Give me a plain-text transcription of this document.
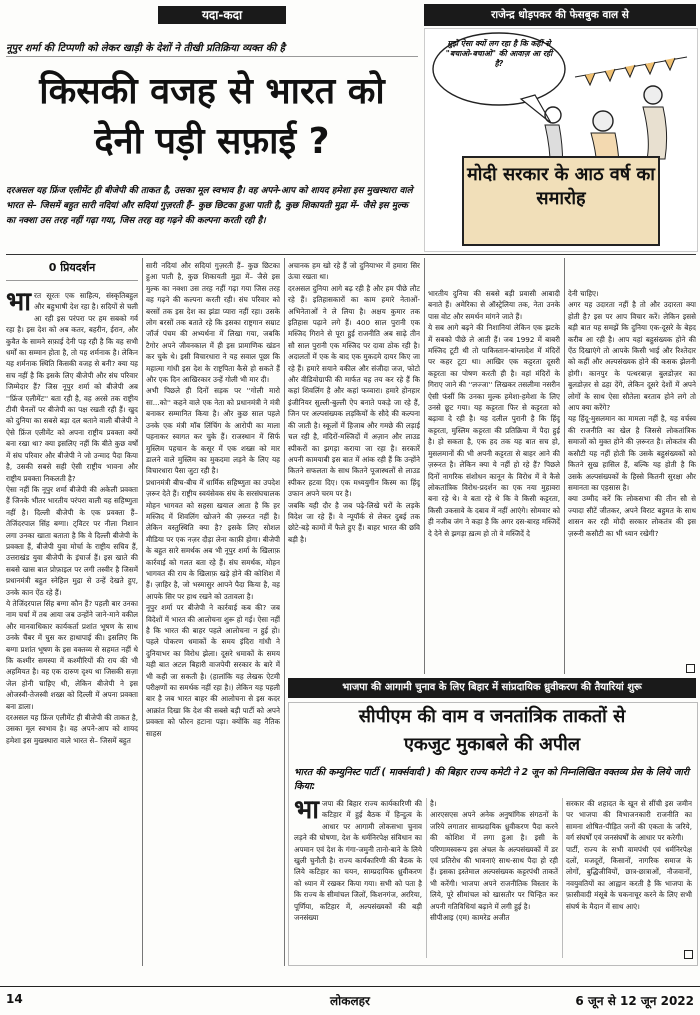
यदा-कदा
नूपुर शर्मा की टिप्पणी को लेकर खाड़ी के देशों ने तीखी प्रतिक्रिया व्यक्त की है
किसकी वजह से भारत को
देनी पड़ी सफ़ाई ?
दरअसल यह फ्रिंज एलीमेंट ही बीजेपी की ताकत है, उसका मूल स्वभाव है। वह अपने-आप को शायद हमेशा इस मुखस्थारा वाले भारत से– जिसमें बहुत सारी नदियां और सदियां गुज़रती हैं– कुछ छिटका हुआ पाती है, कुछ शिकायती मुद्रा में– जैसे इस मुल्क का नक्शा उस तरह नहीं गढ़ा गया, जिस तरह वह गढ़ने की कल्पना करती रही है।
राजेन्द्र धोड़पकर की फेसबुक वाल से
मुझे ऐसा क्यों लग रहा है कि कहीं से "बचाओ-बचाओ" की आवाज़ आ रही है?
मोदी सरकार के आठ वर्ष का समारोह
0 प्रियदर्शन
भा रत सूरतः एक साहित्य, संस्कृतिबहुल और बहुभाषी देश रहा है। सदियों से चली आ रही इस परंपरा पर हम सबको गर्व रहा है। इस देश को अब कतर, बहरीन, ईरान, और कुवैत के सामने सफ़ाई देनी पड़ रही है कि वह सभी धर्मों का सम्मान होता है, तो यह शर्मनाक है। लेकिन यह शर्मनाक स्थिति किसकी वजह से बनी? क्या यह सच नहीं है कि इसके लिए बीजेपी और संघ परिवार जिम्मेदार हैं? जिस नूपुर शर्मा को बीजेपी अब ''फ्रिंज एलीमेंट'' बता रही है, वह अरसे तक राष्ट्रीय टीवी चैनलों पर बीजेपी का पक्ष रखती रही हैं। खुद को दुनिया का सबसे बड़ा दल बताने वाली बीजेपी ने ऐसे फ्रिंज एलीमेंट को अपना राष्ट्रीय प्रवक्ता क्यों बना रखा था? क्या इसलिए नहीं कि बीते कुछ वर्षों में संघ परिवार और बीजेपी ने जो उन्माद पैदा किया है, उसकी सबसे सही ऐसी राष्ट्रीय भावना और राष्ट्रीय प्रवक्ता निकलती है?
ऐसा नहीं कि नूपुर शर्मा बीजेपी की अकेली प्रवक्ता हैं जिनके भीतर भारतीय परंपरा वाली यह सहिष्णुता नहीं है। दिल्ली बीजेपी के एक प्रवक्ता हैं– तेजिंदरपाल सिंह बग्गा। ट्विटर पर नीला निशान लगा उनका खाता बताता है कि वे दिल्ली बीजेपी के प्रवक्ता हैं, बीजेपी युवा मोर्चा के राष्ट्रीय सचिव हैं, उत्तराखंड युवा बीजेपी के इंचार्ज हैं। इस खाते की सबसे खास बात प्रोफ़ाइल पर लगी तस्वीर है जिसमें प्रधानमंत्री बहुत स्नेहिल मुद्रा से उन्हें देखते हुए, उनके कान ऐंठ रहे हैं।
ये तेजिंदरपाल सिंह बग्गा कौन हैं? पहली बार उनका नाम चर्चा में तब आया जब उन्होंने जाने-माने वकील और मानवाधिकार कार्यकर्ता प्रशांत भूषण के साथ उनके चैंबर में घुस कर हाथापाई की। इसलिए कि बग्गा प्रशांत भूषण के इस वक्तव्य से सहमत नहीं थे कि कश्मीर समस्या में कश्मीरियों की राय की भी अहमियत है। वह एक दारुण दृश्य था जिसकी सज़ा जेल होनी चाहिए थी, लेकिन बीजेपी ने इस ओजस्वी-तेजस्वी शख्स को दिल्ली में अपना प्रवक्ता बना डाला।
दरअसल यह फ्रिंज एलीमेंट ही बीजेपी की ताकत है, उसका मूल स्वभाव है। वह अपने-आप को शायद हमेशा इस मुखस्थारा वाले भारत से– जिसमें बहुत
सारी नदियां और सदियां गुज़रती हैं– कुछ छिटका हुआ पाती है, कुछ शिकायती मुद्रा में– जैसे इस मुल्क का नक्शा उस तरह नहीं गढ़ा गया जिस तरह वह गढ़ने की कल्पना करती रही। संघ परिवार को बरसों तक इस देश का झंडा प्यारा नहीं रहा। उसके लोग बरसों तक बताते रहे कि इसका राष्ट्रगान सम्राट जॉर्ज पंचम की अभ्यर्थना में लिखा गया, जबकि टैगोर अपने जीवनकाल में ही इस प्रामाणिक खंडन कर चुके थे। इसी विचारधारा ने यह सवाल पूछा कि महात्मा गांधी इस देश के राष्ट्रपिता कैसे हो सकते हैं और एक दिन आखिरकार उन्हें गोली भी मार दी।
अभी पिछले ही दिनों सड़क पर ''गोली मारो सा...को'' कहने वाले एक नेता को प्रधानमंत्री ने मंत्री बनाकर सम्मानित किया है। और कुछ साल पहले उनके एक मंत्री मॉब लिंचिंग के आरोपी का माला पहनाकर स्वागत कर चुके हैं। राजस्थान में सिर्फ मुस्लिम पहचान के कसूर में एक शख्स को मार डालने वाले मुस्लिम का मुकदमा लड़ने के लिए यह विचारधारा पैसा जुटा रही है।
प्रधानमंत्री बीच-बीच में धार्मिक सहिष्णुता का उपदेश ज़रूर देते हैं। राष्ट्रीय स्वयंसेवक संघ के सरसंघचालक मोहन भागवत को सहसा खयाल आता है कि हर मस्जिद में शिवलिंग खोजने की ज़रूरत नहीं है। लेकिन वस्तुस्थिति क्या है? इसके लिए सोशल मीडिया पर एक नज़र दौड़ा लेना काफ़ी होगा। बीजेपी के बहुत सारे समर्थक अब भी नूपुर शर्मा के खिलाफ़ कार्रवाई को गलत बता रहे हैं। संघ समर्थक, मोहन भागवत की राय के खिलाफ़ खड़े होने की कोशिश में हैं। ज़ाहिर है, जो भस्मासुर आपने पैदा किया है, वह आपके सिर पर हाथ रखने को उतावला है।
नूपुर शर्मा पर बीजेपी ने कार्रवाई कब की? जब विदेशों में भारत की आलोचना शुरू हो गई। ऐसा नहीं है कि भारत की बाहर पहले आलोचना न हुई हो। पहले पोकरण धमाकों के समय इंदिरा गांधी ने दुनियाभर का विरोध झेला। दूसरे धमाकों के समय यही बात अटल बिहारी वाजपेयी सरकार के बारे में भी कही जा सकती है। (हालांकि यह लेखक ऐटमी परीक्षणों का समर्थक नहीं रहा है।) लेकिन यह पहली बार है जब भारत बाहर की आलोचना से इस कदर आक्रांत दिखा कि देश की सबसे बड़ी पार्टी को अपने प्रवक्ता को फौरन हटाना पड़ा। क्योंकि वह नैतिक साहस
अचानक हम खो रहे हैं जो दुनियाभर में हमारा सिर ऊंचा रखता था।
दरअसल दुनिया आगे बढ़ रही है और हम पीछे लौट रहे हैं। इतिहासकारों का काम हमारे नेताओं-अभिनेताओं ने ले लिया है। अक्षय कुमार तक इतिहास पढ़ाने लगे हैं। 400 साल पुरानी एक मस्जिद गिराने से पूरा हुई राजनीति अब साढ़े तीन सौ साल पुरानी एक मस्जिद पर दावा ठोक रही है। अदालतों में एक के बाद एक मुकदमे दायर किए जा रहे हैं। हमारे सयाने वकील और संजीदा जज, फोटो और वीडियोग्राफी की मार्फत यह तय कर रहे हैं कि कहां शिवलिंग है और कहां फव्वारा। हमारे होनहार इंजीनियर सुल्ली-बुल्ली ऐप बनाते पकड़े जा रहे हैं, जिन पर अल्पसंख्यक लड़कियों के सौदे की कल्पना की जाती है। स्कूलों में हिजाब और गमछे की लड़ाई चल रही है, मंदिरों-मस्जिदों में अज़ान और लाउड स्पीकरों का झगड़ा कराया जा रहा है। सरकारें अपनी कामयाबी इस बात में आंक रही हैं कि उन्होंने कितने सफलता के साथ कितने पूजास्थलों से लाउड स्पीकर हटवा दिए। एक मध्ययुगीन किस्म का हिंदू उफान अपने चरम पर है।
जबकि यही दौर है जब पढ़े-लिखे घरों के लड़के विदेश जा रहे हैं। वे न्यूयॉर्क से लेकर दुबई तक छोटे-बड़े कामों में फैले हुए हैं। बाहर भारत की छवि बड़ी है।
भारतीय दुनिया की सबसे बड़ी प्रवासी आबादी बनाते हैं। अमेरिका से ऑस्ट्रेलिया तक, नेता उनके पास वोट और समर्थन मांगने जाते हैं।
ये सब आगे बढ़ने की निशानियां लेकिन एक झटके में सबको पीछे ले आती हैं। जब 1992 में बाबरी मस्जिद टूटी थी तो पाकिस्तान-बांग्लादेश में मंदिरों पर कहर टूटा था। आखिर एक कट्टरता दूसरी कट्टरता का पोषण करती ही है। वहां मंदिरों के गिराए जाने की ''लज्जा'' लिखकर तसलीमा नसरीन ऐसी फंसीं कि उनका मुल्क हमेशा-हमेशा के लिए उनसे छूट गया। यह कट्टरता फिर से कट्टरता को बढ़ावा दे रही है। यह दलील पुरानी है कि हिंदू कट्टरता, मुस्लिम कट्टरता की प्रतिक्रिया में पैदा हुई है। हो सकता है, एक हद तक यह बात सच हो, मुसलमानों की भी अपनी कट्टरता से बाहर आने की ज़रूरत है। लेकिन क्या ये नहीं हो रहे हैं? पिछले दिनों नागरिक संशोधन कानून के विरोध में वे कैसे लोकतांत्रिक विरोध-प्रदर्शन का एक नया मुहावरा बना रहे थे। वे बता रहे थे कि वे किसी कट्टरता, किसी उकसावे के दबाव में नहीं आएंगे। सोमवार को ही नजीब जंग ने कहा है कि अगर दस-बारह मस्जिदें दे देने से झगड़ा ख़त्म हो तो वे मस्जिदें दे
देनी चाहिए।
अगर यह उदारता नहीं है तो और उदारता क्या होती है? इस पर आप विचार करें। लेकिन इससे बड़ी बात यह समझें कि दुनिया एक-दूसरे के बेहद करीब आ रही है। आप यहां बहुसंख्यक होने की ऐंठ दिखाएंगे तो आपके किसी भाई और रिश्तेदार को कहीं और अल्पसंख्यक होने की कसक झेलनी होगी। कानपुर के पत्थरबाज़ बुलडोज़र का बुलडोज़र से ढहा देंगे, लेकिन दूसरे देशों में अपने लोगों के साथ ऐसा सौतेला बरताव होने लगे तो आप क्या करेंगे?
यह हिंदू-मुसलमान का मामला नहीं है, यह वर्चस्व की राजनीति का खेल है जिससे लोकतांत्रिक समाजों को मुक्त होने की ज़रूरत है। लोकतंत्र की कसौटी यह नहीं होती कि उसके बहुसंख्यकों को कितने सुख हासिल हैं, बल्कि यह होती है कि उसके अल्पसंख्यकों के हिस्से कितनी सुरक्षा और समानता का एहसास है।
क्या उम्मीद करें कि लोकसभा की तीन सौ से ज्यादा सीटें जीतकर, अपने विराट बहुमत के साथ शासन कर रही मोदी सरकार लोकतंत्र की इस ज़रूरी कसौटी का भी ध्यान रखेगी?
भाजपा की आगामी चुनाव के लिए बिहार में सांप्रदायिक ध्रुवीकरण की तैयारियां शुरू
सीपीएम की वाम व जनतांत्रिक ताकतों से
एकजुट मुकाबले की अपील
भारत की कम्युनिस्ट पार्टी ( मार्क्सवादी ) की बिहार राज्य कमेटी ने 2 जून को निम्नलिखित वक्तव्य प्रेस के लिये जारी किया:
भा जपा की बिहार राज्य कार्यकारिणी की कटिहार में हुई बैठक में हिन्दुत्व के आधार पर आगामी लोकसभा चुनाव लड़ने की घोषणा, देश के धर्मनिरपेक्ष संविधान का अपमान एवं देश के गंगा-जमुनी तानो-बाने के लिये खुली चुनौती है। राज्य कार्यकारिणी की बैठक के लिये कटिहार का चयन, साम्प्रदायिक ध्रुवीकरण को ध्यान में रखकर किया गया। सभी को पता है कि राज्य के सीमांचल जिलों, किशनगंज, अररिया, पूर्णिया, कटिहार में, अल्पसंख्यकों की बड़ी जनसंख्या
है।
आरएसएस अपने अनेक अनुषांगिक संगठनों के जरिये लगातार साम्प्रदायिक ध्रुवीकरण पैदा करने की कोशिश में लगा हुआ है। इसी के परिणामस्वरूप इस अंचल के अल्पसंख्यकों में डर एवं प्रतिरोध की भावनाएं साथ-साथ पैदा हो रही हैं। इसका इस्तेमाल अल्पसंख्यक कट्टरपंथी ताकतें भी करेंगी। भाजपा अपने राजनीतिक विस्तार के लिये, पूरे सीमांचल को खासतौर पर चिन्हित कर अपनी गतिविधियां बढ़ाने में लगी हुई है।
सीपीआइ (एम) कामरेड अजीत
सरकार की शहादत के खून से सींची इस जमीन पर भाजपा की विभाजनकारी राजनीति का सामना शोषित-पीड़ित जनों की एकता के जरिये, वर्ग संघर्षों एवं जनसंघर्षों के आधार पर करेगी।
पार्टी, राज्य के सभी वामपंथी एवं धर्मनिरपेक्ष दलों, मजदूरों, किसानों, नागरिक समाज के लोगों, बुद्धिजीवियों, छात्र-छात्राओं, नौजवानों, नवयुवतियों का आह्वान करती है कि भाजपा के फ़ासीवादी मंसूबे के चकनाचूर करने के लिए सभी संघर्ष के मैदान में साथ आएं।
14	लोकलहर	6 जून से 12 जून 2022
